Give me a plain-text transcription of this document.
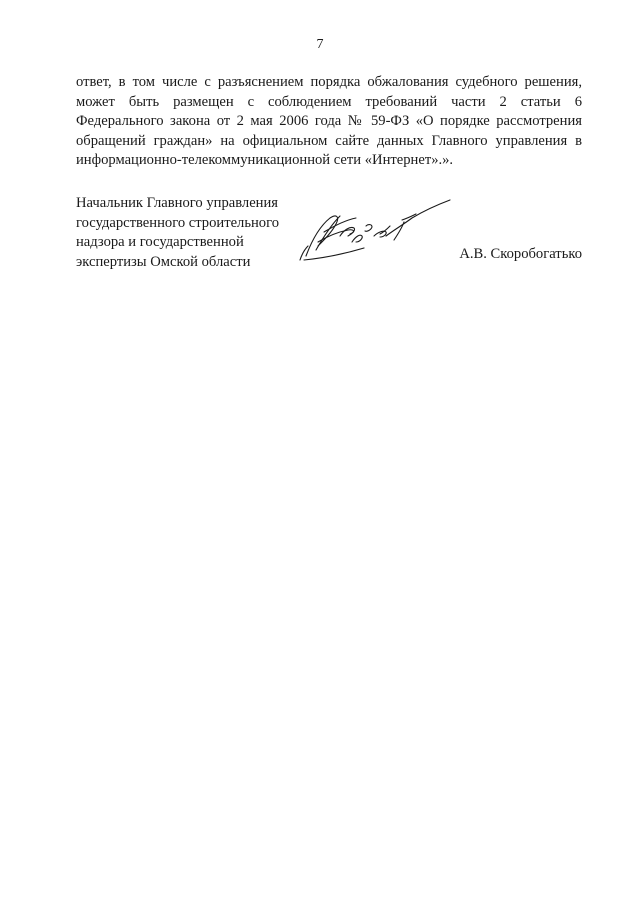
7
ответ, в том числе с разъяснением порядка обжалования судебного решения,
может быть размещен с соблюдением требований части 2 статьи 6
Федерального закона от 2 мая 2006 года № 59-ФЗ «О порядке рассмотрения
обращений граждан» на официальном сайте данных Главного управления в
информационно-телекоммуникационной сети «Интернет».».
Начальник Главного управления
государственного строительного
надзора и государственной
экспертизы Омской области	А.В. Скоробогатько
